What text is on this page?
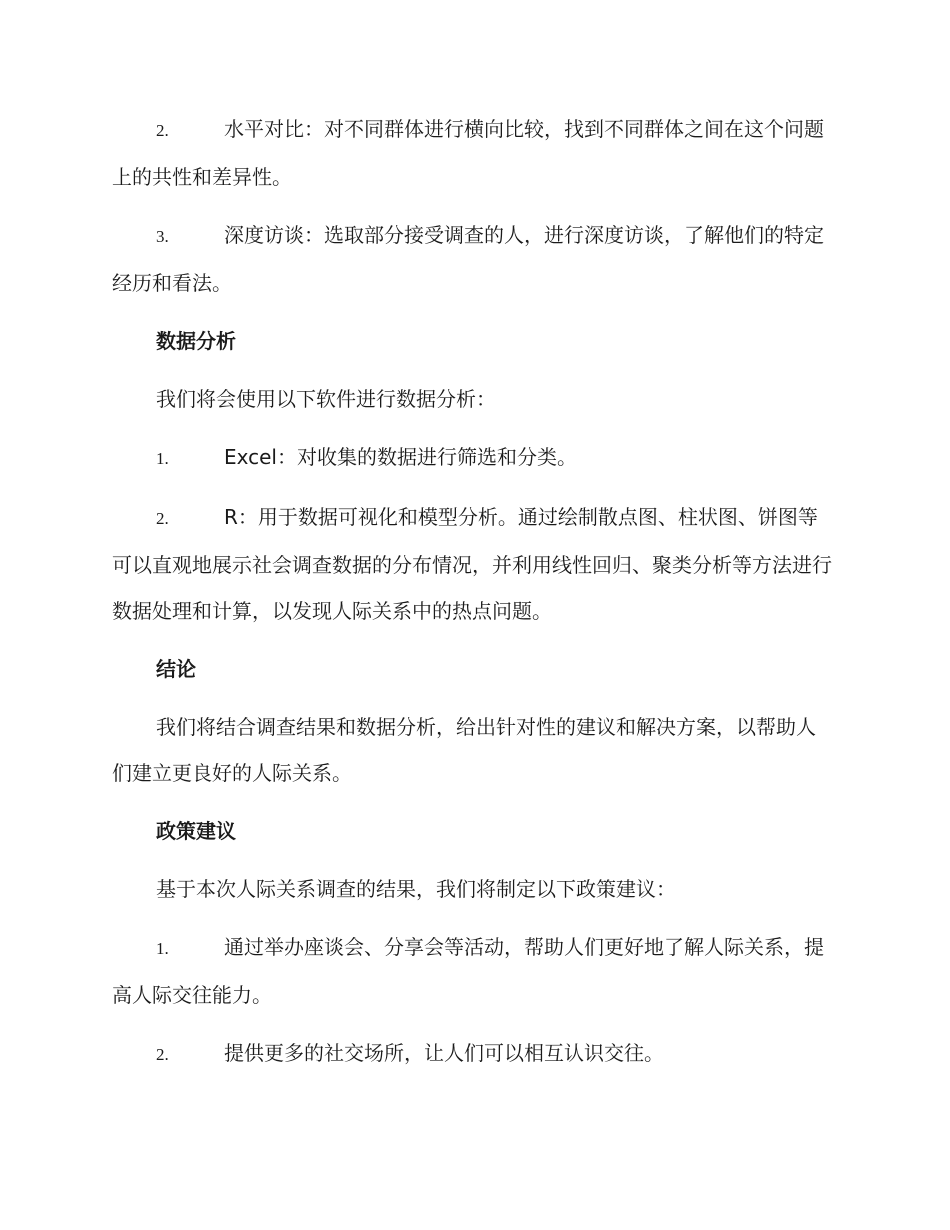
2.	水平对比：对不同群体进行横向比较，找到不同群体之间在这个问题上的共性和差异性。

3.	深度访谈：选取部分接受调查的人，进行深度访谈，了解他们的特定经历和看法。

数据分析

我们将会使用以下软件进行数据分析：

1.	Excel：对收集的数据进行筛选和分类。

2.	R：用于数据可视化和模型分析。通过绘制散点图、柱状图、饼图等可以直观地展示社会调查数据的分布情况，并利用线性回归、聚类分析等方法进行数据处理和计算，以发现人际关系中的热点问题。

结论

我们将结合调查结果和数据分析，给出针对性的建议和解决方案，以帮助人们建立更良好的人际关系。

政策建议

基于本次人际关系调查的结果，我们将制定以下政策建议：

1.	通过举办座谈会、分享会等活动，帮助人们更好地了解人际关系，提高人际交往能力。

2.	提供更多的社交场所，让人们可以相互认识交往。
